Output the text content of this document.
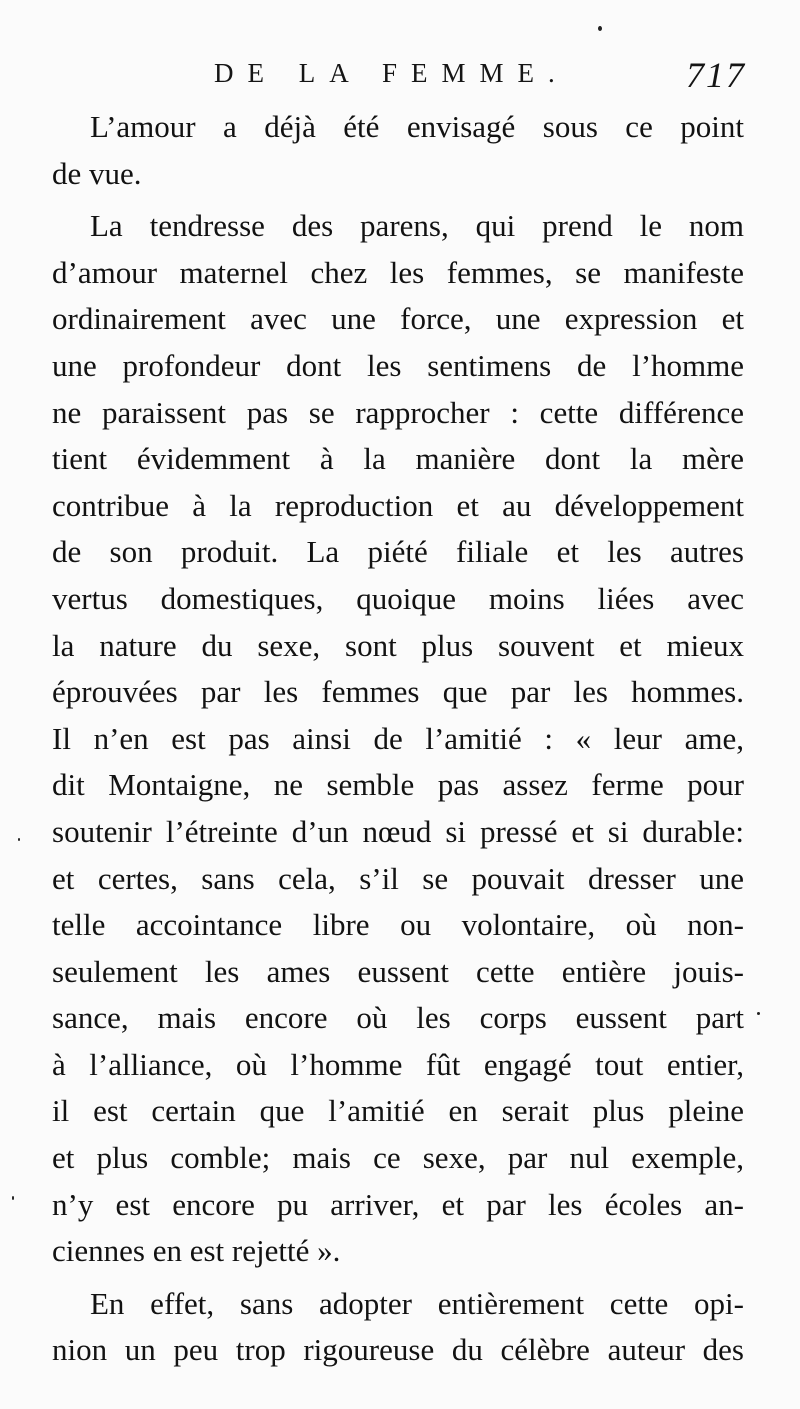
DE LA FEMME.	717
L’amour a déjà été envisagé sous ce point
de vue.
La tendresse des parens, qui prend le nom
d’amour maternel chez les femmes, se manifeste
ordinairement avec une force, une expression et
une profondeur dont les sentimens de l’homme
ne paraissent pas se rapprocher : cette différence
tient évidemment à la manière dont la mère
contribue à la reproduction et au développement
de son produit. La piété filiale et les autres
vertus domestiques, quoique moins liées avec
la nature du sexe, sont plus souvent et mieux
éprouvées par les femmes que par les hommes.
Il n’en est pas ainsi de l’amitié : « leur ame,
dit Montaigne, ne semble pas assez ferme pour
soutenir l’étreinte d’un nœud si pressé et si durable:
et certes, sans cela, s’il se pouvait dresser une
telle accointance libre ou volontaire, où non-
seulement les ames eussent cette entière jouis-
sance, mais encore où les corps eussent part
à l’alliance, où l’homme fût engagé tout entier,
il est certain que l’amitié en serait plus pleine
et plus comble; mais ce sexe, par nul exemple,
n’y est encore pu arriver, et par les écoles an-
ciennes en est rejetté ».
En effet, sans adopter entièrement cette opi-
nion un peu trop rigoureuse du célèbre auteur des
